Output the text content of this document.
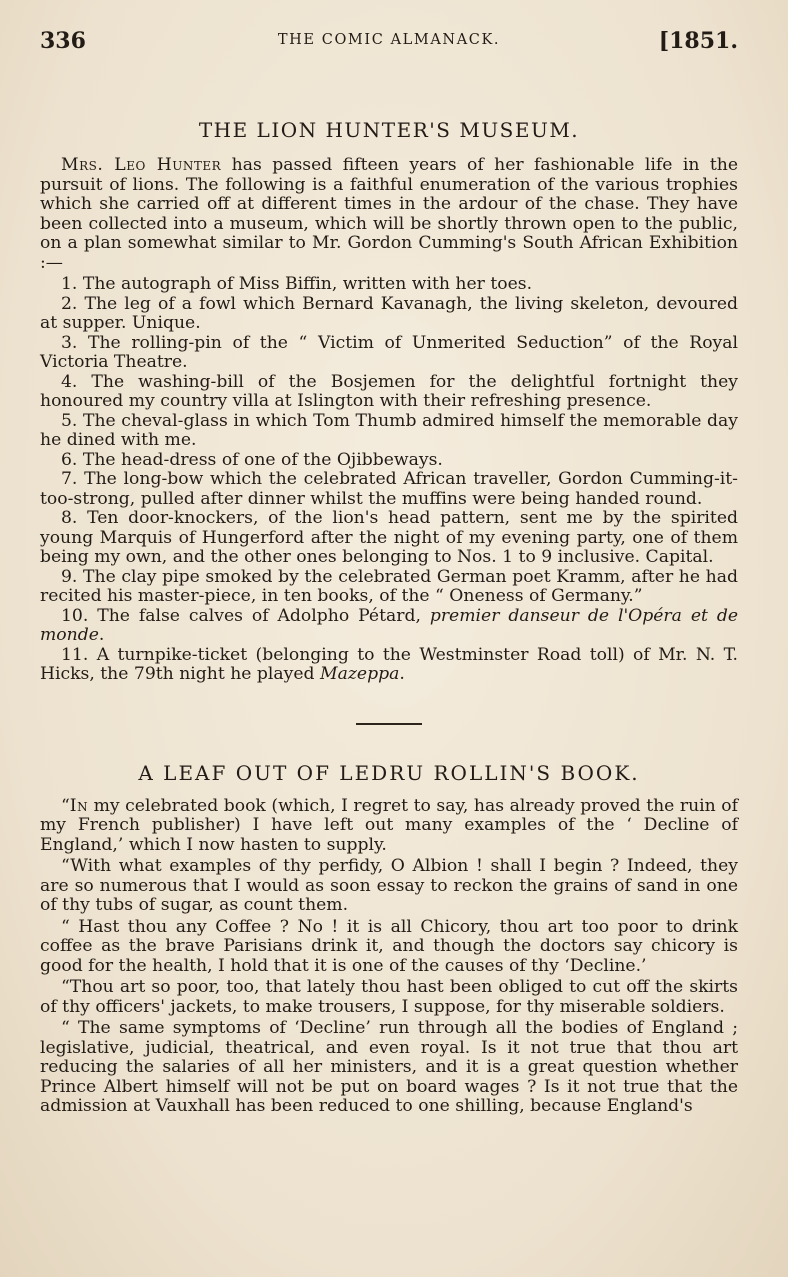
336	THE COMIC ALMANACK.	[1851.
THE LION HUNTER'S MUSEUM.

Mrs. Leo Hunter has passed fifteen years of her fashionable life in the pursuit of lions. The following is a faithful enumeration of the various trophies which she carried off at different times in the ardour of the chase. They have been collected into a museum, which will be shortly thrown open to the public, on a plan somewhat similar to Mr. Gordon Cumming's South African Exhibition :—

1. The autograph of Miss Biffin, written with her toes.
2. The leg of a fowl which Bernard Kavanagh, the living skeleton, devoured at supper. Unique.
3. The rolling-pin of the “ Victim of Unmerited Seduction” of the Royal Victoria Theatre.
4. The washing-bill of the Bosjemen for the delightful fortnight they honoured my country villa at Islington with their refreshing presence.
5. The cheval-glass in which Tom Thumb admired himself the memorable day he dined with me.
6. The head-dress of one of the Ojibbeways.
7. The long-bow which the celebrated African traveller, Gordon Cumming-it-too-strong, pulled after dinner whilst the muffins were being handed round.
8. Ten door-knockers, of the lion's head pattern, sent me by the spirited young Marquis of Hungerford after the night of my evening party, one of them being my own, and the other ones belonging to Nos. 1 to 9 inclusive. Capital.
9. The clay pipe smoked by the celebrated German poet Kramm, after he had recited his master-piece, in ten books, of the “ Oneness of Germany.”
10. The false calves of Adolpho Pétard, premier danseur de l'Opéra et de monde.
11. A turnpike-ticket (belonging to the Westminster Road toll) of Mr. N. T. Hicks, the 79th night he played Mazeppa.
A LEAF OUT OF LEDRU ROLLIN'S BOOK.

“In my celebrated book (which, I regret to say, has already proved the ruin of my French publisher) I have left out many examples of the ‘ Decline of England,’ which I now hasten to supply.

“With what examples of thy perfidy, O Albion ! shall I begin ? Indeed, they are so numerous that I would as soon essay to reckon the grains of sand in one of thy tubs of sugar, as count them.

“ Hast thou any Coffee ? No ! it is all Chicory, thou art too poor to drink coffee as the brave Parisians drink it, and though the doctors say chicory is good for the health, I hold that it is one of the causes of thy ‘Decline.’

“Thou art so poor, too, that lately thou hast been obliged to cut off the skirts of thy officers' jackets, to make trousers, I suppose, for thy miserable soldiers.

“ The same symptoms of ‘Decline’ run through all the bodies of England ; legislative, judicial, theatrical, and even royal. Is it not true that thou art reducing the salaries of all her ministers, and it is a great question whether Prince Albert himself will not be put on board wages ? Is it not true that the admission at Vauxhall has been reduced to one shilling, because England's
